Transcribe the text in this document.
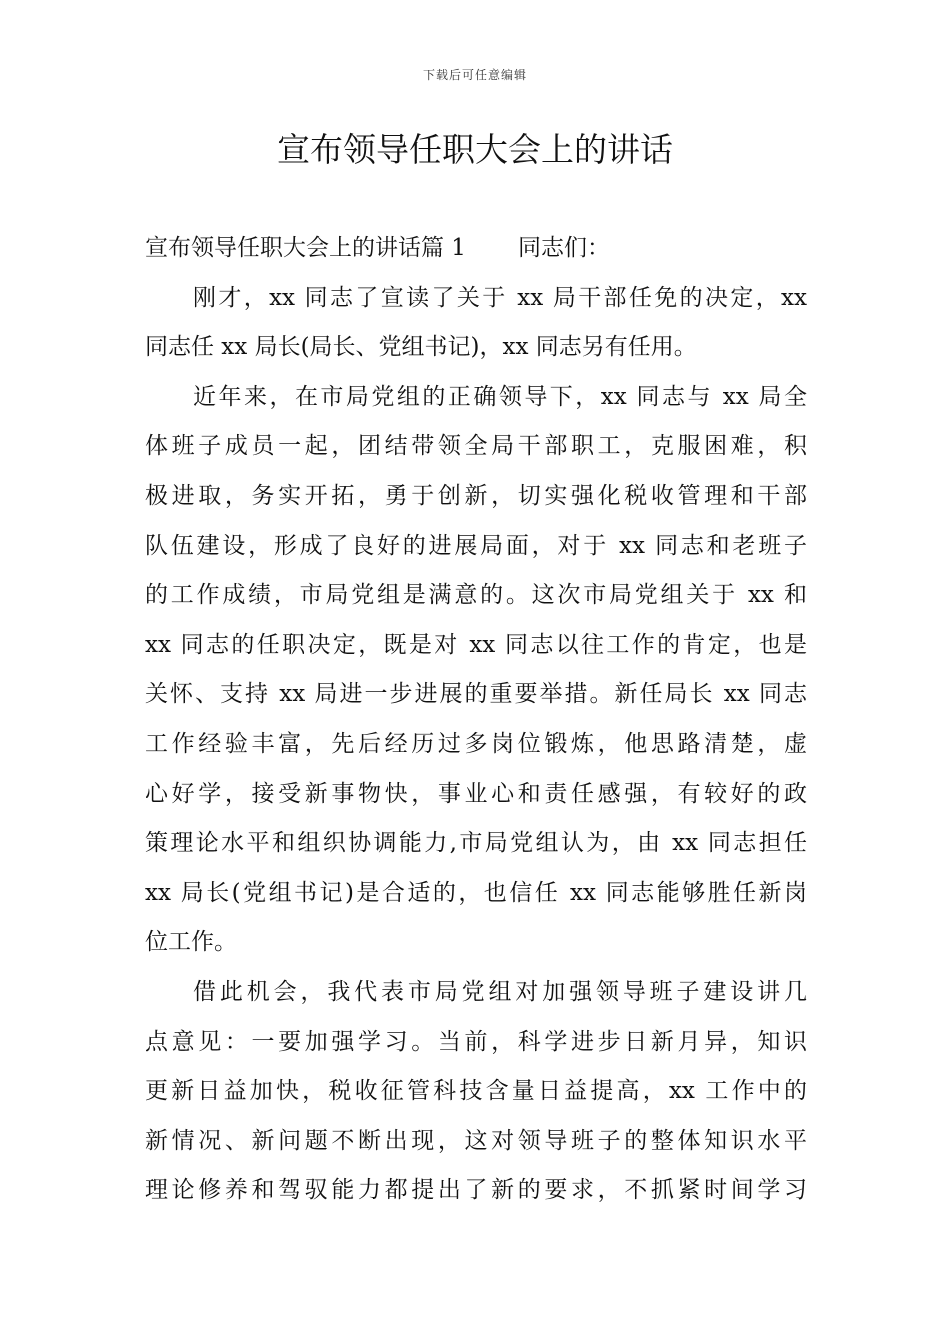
下载后可任意编辑
宣布领导任职大会上的讲话
宣布领导任职大会上的讲话篇 1 同志们：
刚才，xx 同志了宣读了关于 xx 局干部任免的决定，xx
同志任 xx 局长(局长、党组书记)，xx 同志另有任用。
近年来，在市局党组的正确领导下，xx 同志与 xx 局全
体班子成员一起，团结带领全局干部职工，克服困难，积
极进取，务实开拓，勇于创新，切实强化税收管理和干部
队伍建设，形成了良好的进展局面，对于 xx 同志和老班子
的工作成绩，市局党组是满意的。这次市局党组关于 xx 和
xx 同志的任职决定，既是对 xx 同志以往工作的肯定，也是
关怀、支持 xx 局进一步进展的重要举措。新任局长 xx 同志
工作经验丰富，先后经历过多岗位锻炼，他思路清楚，虚
心好学，接受新事物快，事业心和责任感强，有较好的政
策理论水平和组织协调能力,市局党组认为，由 xx 同志担任
xx 局长(党组书记)是合适的，也信任 xx 同志能够胜任新岗
位工作。
借此机会，我代表市局党组对加强领导班子建设讲几
点意见：一要加强学习。当前，科学进步日新月异，知识
更新日益加快，税收征管科技含量日益提高，xx 工作中的
新情况、新问题不断出现，这对领导班子的整体知识水平
理论修养和驾驭能力都提出了新的要求，不抓紧时间学习
